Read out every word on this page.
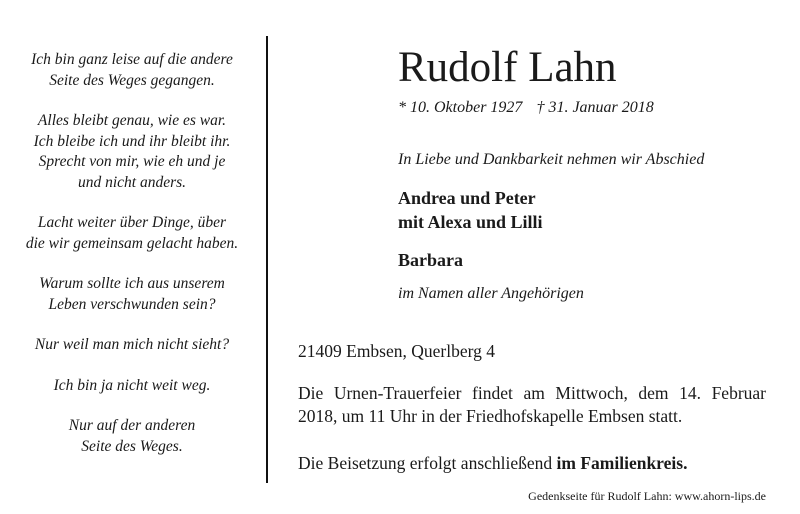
Ich bin ganz leise auf die andere
Seite des Weges gegangen.
Alles bleibt genau, wie es war.
Ich bleibe ich und ihr bleibt ihr.
Sprecht von mir, wie eh und je
und nicht anders.
Lacht weiter über Dinge, über
die wir gemeinsam gelacht haben.
Warum sollte ich aus unserem
Leben verschwunden sein?
Nur weil man mich nicht sieht?
Ich bin ja nicht weit weg.
Nur auf der anderen
Seite des Weges.
Rudolf Lahn
* 10. Oktober 1927 † 31. Januar 2018
In Liebe und Dankbarkeit nehmen wir Abschied
Andrea und Peter
mit Alexa und Lilli
Barbara
im Namen aller Angehörigen
21409 Embsen, Querlberg 4
Die Urnen-Trauerfeier findet am Mittwoch, dem 14. Februar 2018, um 11 Uhr in der Friedhofskapelle Embsen statt.
Die Beisetzung erfolgt anschließend im Familienkreis.
Gedenkseite für Rudolf Lahn: www.ahorn-lips.de
